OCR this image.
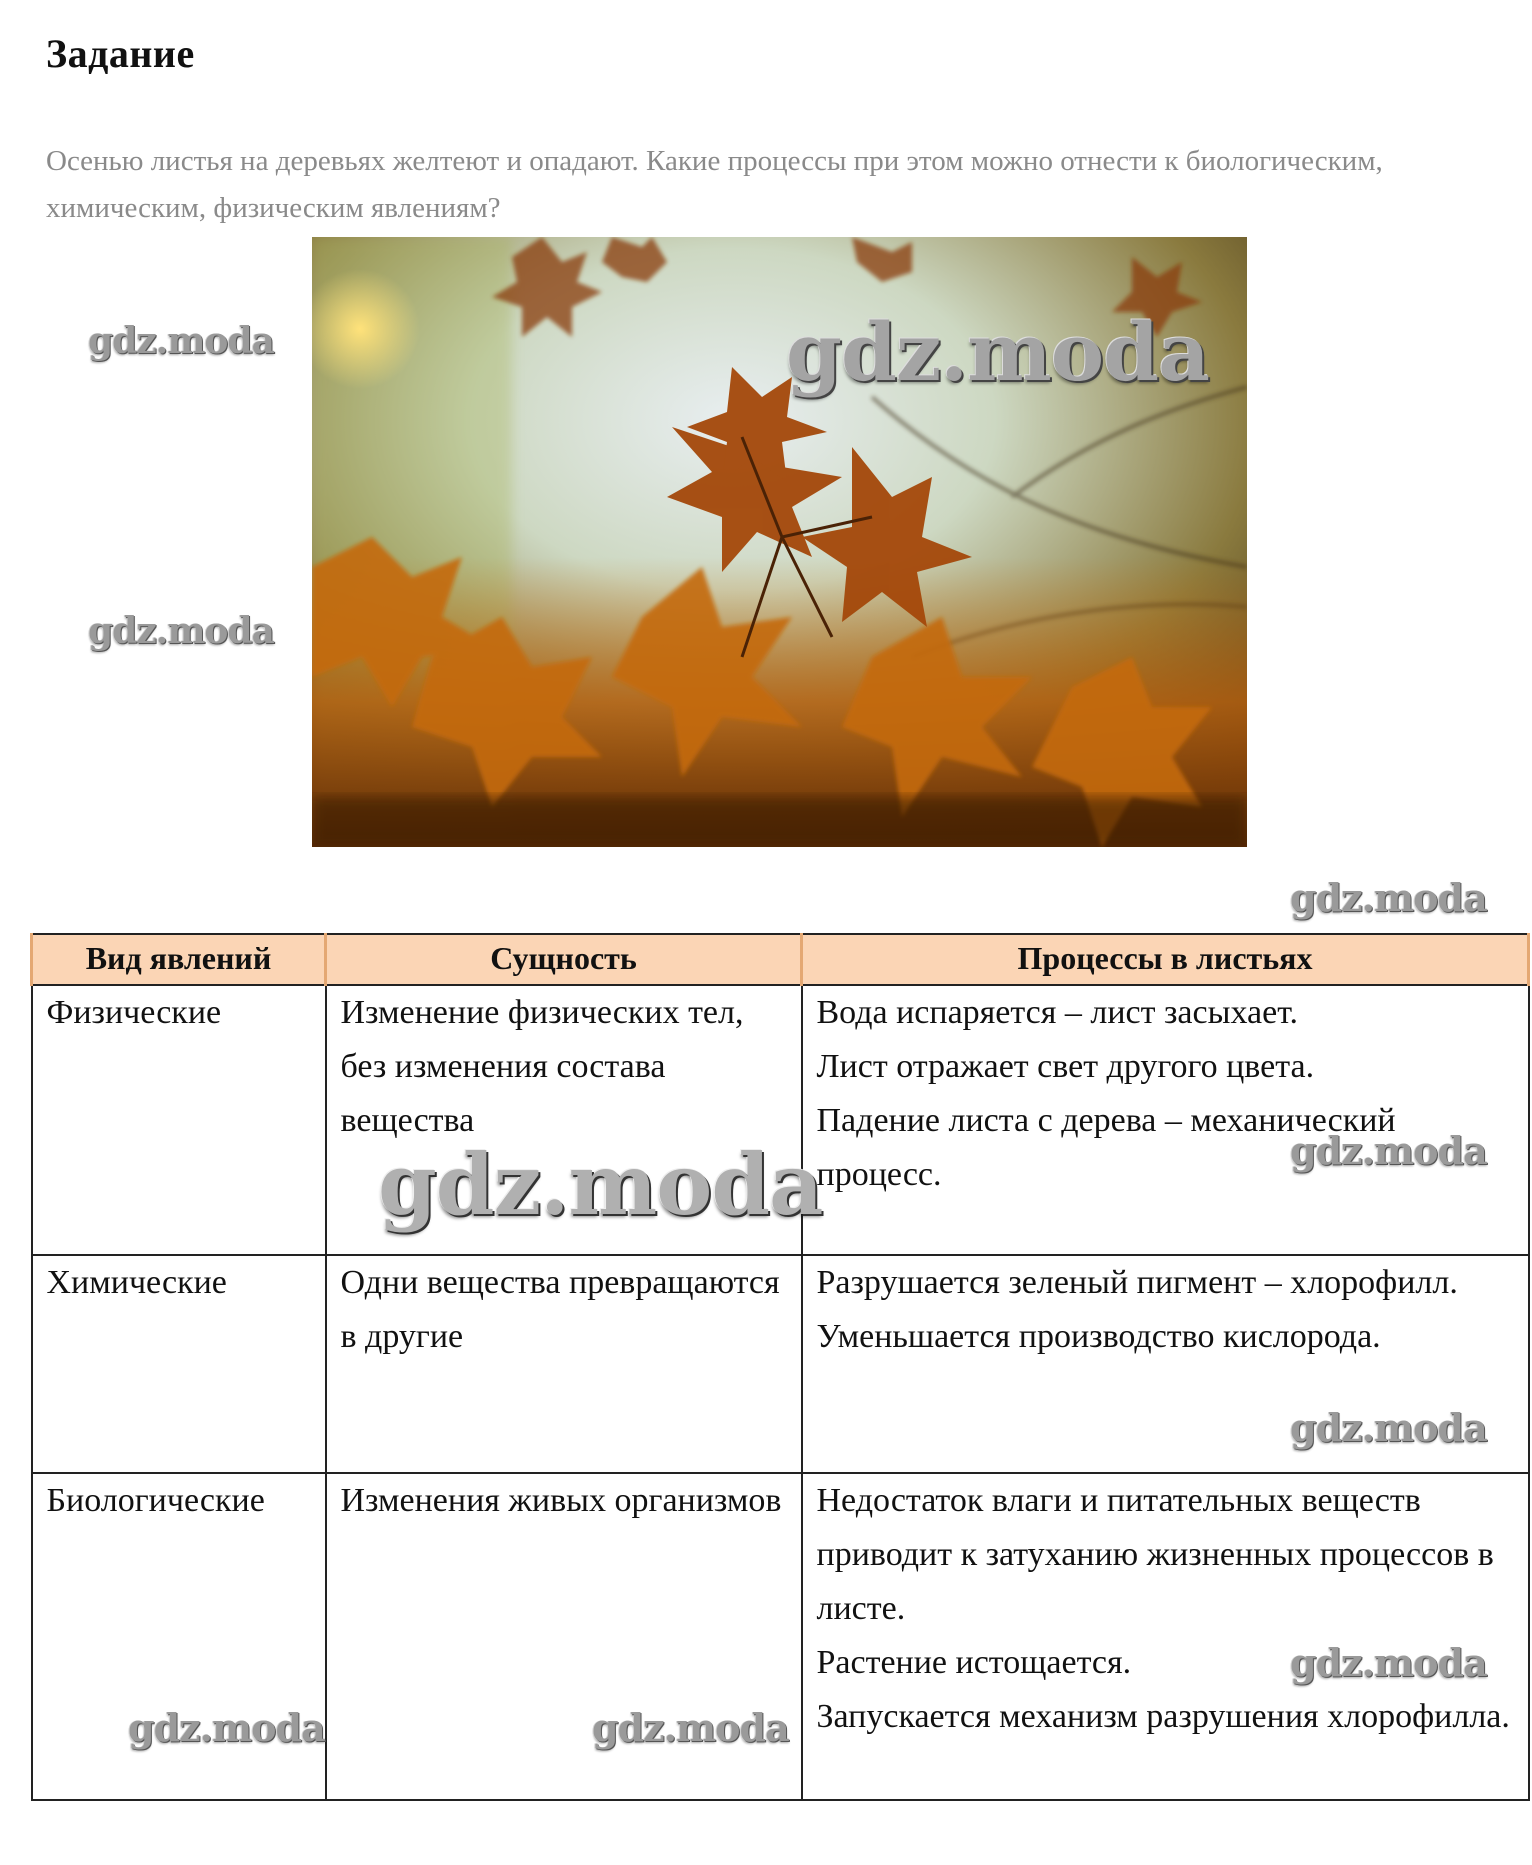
Задание
Осенью листья на деревьях желтеют и опадают. Какие процессы при этом можно отнести к биологическим, химическим, физическим явлениям?
gdz.moda
gdz.moda
gdz.moda
Вид явлений	Сущность	Процессы в листьях
Физические	Изменение физических тел, без изменения состава вещества	Вода испаряется – лист засыхает.
Лист отражает свет другого цвета.
Падение листа с дерева – механический процесс.

Химические	Одни вещества превращаются в другие	Разрушается зеленый пигмент – хлорофилл.
Уменьшается производство кислорода.

Биологические	Изменения живых организмов	Недостаток влаги и питательных веществ приводит к затуханию жизненных процессов в листе.
Растение истощается.
Запускается механизм разрушения хлорофилла.
gdz.moda
gdz.moda	gdz.moda
gdz.moda
gdz.moda
gdz.moda	gdz.moda
